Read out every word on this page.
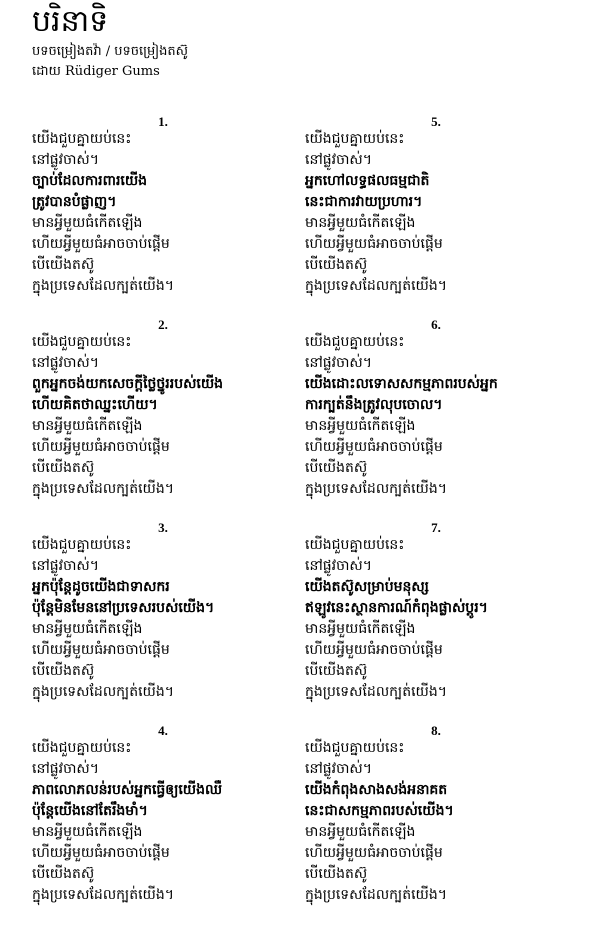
បរិនាទិ
បទចម្រៀងតវ៉ា / បទចម្រៀងតស៊ូ
ដោយ Rüdiger Gums
1.
យើងជួបគ្នាយប់នេះ
នៅផ្លូវចាស់។
ច្បាប់ដែលការពារយើង
ត្រូវបានបំផ្លាញ។
មានអ្វីមួយធំកើតឡើង
ហើយអ្វីមួយធំអាចចាប់ផ្តើម
បើយើងតស៊ូ
ក្នុងប្រទេសដែលក្បត់យើង។
2.
យើងជួបគ្នាយប់នេះ
នៅផ្លូវចាស់។
ពួកអ្នកចង់យកសេចក្តីថ្លៃថ្នូររបស់យើង
ហើយគិតថាឈ្នះហើយ។
មានអ្វីមួយធំកើតឡើង
ហើយអ្វីមួយធំអាចចាប់ផ្តើម
បើយើងតស៊ូ
ក្នុងប្រទេសដែលក្បត់យើង។
3.
យើងជួបគ្នាយប់នេះ
នៅផ្លូវចាស់។
អ្នកប៉ុន្តែដូចយើងជាទាសករ
ប៉ុន្តែមិនមែននៅប្រទេសរបស់យើង។
មានអ្វីមួយធំកើតឡើង
ហើយអ្វីមួយធំអាចចាប់ផ្តើម
បើយើងតស៊ូ
ក្នុងប្រទេសដែលក្បត់យើង។
4.
យើងជួបគ្នាយប់នេះ
នៅផ្លូវចាស់។
ភាពលោភលន់របស់អ្នកធ្វើឲ្យយើងឈឺ
ប៉ុន្តែយើងនៅតែរឹងមាំ។
មានអ្វីមួយធំកើតឡើង
ហើយអ្វីមួយធំអាចចាប់ផ្តើម
បើយើងតស៊ូ
ក្នុងប្រទេសដែលក្បត់យើង។
5.
យើងជួបគ្នាយប់នេះ
នៅផ្លូវចាស់។
អ្នកហៅលទ្ធផលធម្មជាតិ
នេះជាការវាយប្រហារ។
មានអ្វីមួយធំកើតឡើង
ហើយអ្វីមួយធំអាចចាប់ផ្តើម
បើយើងតស៊ូ
ក្នុងប្រទេសដែលក្បត់យើង។
6.
យើងជួបគ្នាយប់នេះ
នៅផ្លូវចាស់។
យើងដោះលទោសសកម្មភាពរបស់អ្នក
ការក្បត់នឹងត្រូវលុបចោល។
មានអ្វីមួយធំកើតឡើង
ហើយអ្វីមួយធំអាចចាប់ផ្តើម
បើយើងតស៊ូ
ក្នុងប្រទេសដែលក្បត់យើង។
7.
យើងជួបគ្នាយប់នេះ
នៅផ្លូវចាស់។
យើងតស៊ូសម្រាប់មនុស្ស
ឥឡូវនេះស្ថានការណ៍កំពុងផ្លាស់ប្តូរ។
មានអ្វីមួយធំកើតឡើង
ហើយអ្វីមួយធំអាចចាប់ផ្តើម
បើយើងតស៊ូ
ក្នុងប្រទេសដែលក្បត់យើង។
8.
យើងជួបគ្នាយប់នេះ
នៅផ្លូវចាស់។
យើងកំពុងសាងសង់អនាគត
នេះជាសកម្មភាពរបស់យើង។
មានអ្វីមួយធំកើតឡើង
ហើយអ្វីមួយធំអាចចាប់ផ្តើម
បើយើងតស៊ូ
ក្នុងប្រទេសដែលក្បត់យើង។
